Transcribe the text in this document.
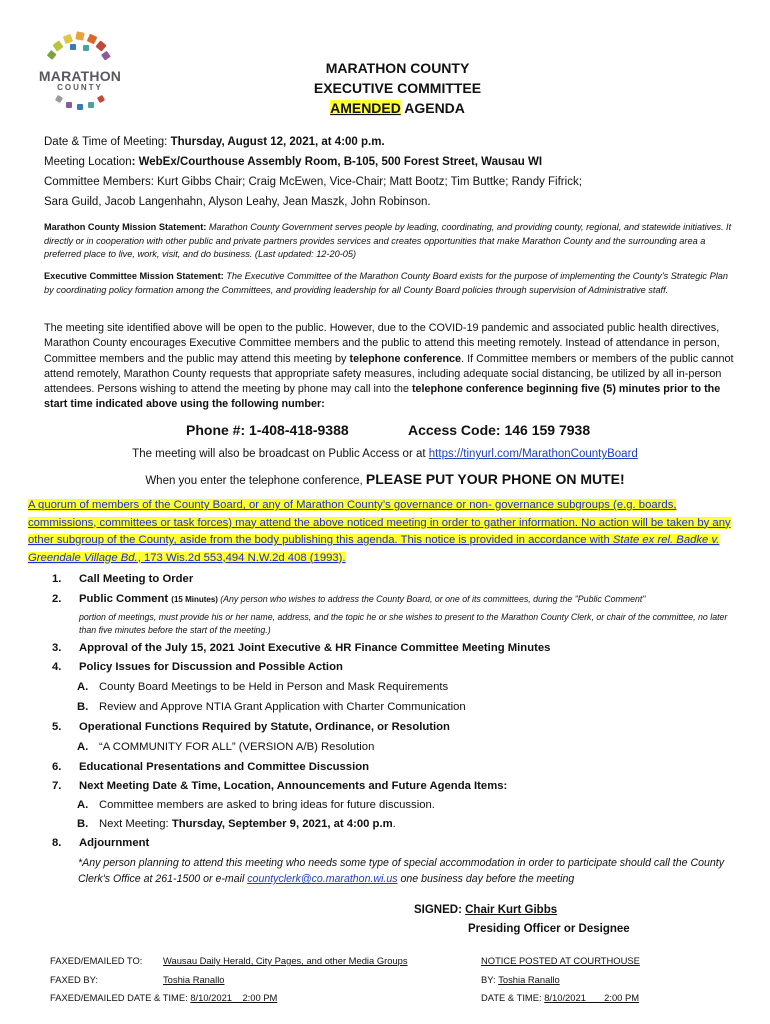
MARATHON
COUNTY
MARATHON COUNTY
EXECUTIVE COMMITTEE
AMENDED AGENDA

Date & Time of Meeting: Thursday, August 12, 2021, at 4:00 p.m.

Meeting Location: WebEx/Courthouse Assembly Room, B-105, 500 Forest Street, Wausau WI

Committee Members: Kurt Gibbs Chair; Craig McEwen, Vice-Chair; Matt Bootz; Tim Buttke; Randy Fifrick;

Sara Guild, Jacob Langenhahn, Alyson Leahy, Jean Maszk, John Robinson.

Marathon County Mission Statement: Marathon County Government serves people by leading, coordinating, and providing county, regional, and statewide initiatives. It directly or in cooperation with other public and private partners provides services and creates opportunities that make Marathon County and the surrounding area a preferred place to live, work, visit, and do business. (Last updated: 12-20-05)
Executive Committee Mission Statement: The Executive Committee of the Marathon County Board exists for the purpose of implementing the County's Strategic Plan by coordinating policy formation among the Committees, and providing leadership for all County Board policies through supervision of Administrative staff.
The meeting site identified above will be open to the public. However, due to the COVID-19 pandemic and associated public health directives, Marathon County encourages Executive Committee members and the public to attend this meeting remotely. Instead of attendance in person, Committee members and the public may attend this meeting by telephone conference. If Committee members or members of the public cannot attend remotely, Marathon County requests that appropriate safety measures, including adequate social distancing, be utilized by all in-person attendees. Persons wishing to attend the meeting by phone may call into the telephone conference beginning five (5) minutes prior to the start time indicated above using the following number:
Phone #: 1-408-418-9388	Access Code: 146 159 7938
The meeting will also be broadcast on Public Access or at https://tinyurl.com/MarathonCountyBoard
When you enter the telephone conference, PLEASE PUT YOUR PHONE ON MUTE!
A quorum of members of the County Board, or any of Marathon County’s governance or non- governance subgroups (e.g. boards, commissions, committees or task forces) may attend the above noticed meeting in order to gather information. No action will be taken by any other subgroup of the County, aside from the body publishing this agenda. This notice is provided in accordance with State ex rel. Badke v. Greendale Village Bd., 173 Wis.2d 553,494 N.W.2d 408 (1993).
1. Call Meeting to Order
2. Public Comment (15 Minutes) (Any person who wishes to address the County Board, or one of its committees, during the "Public Comment"
portion of meetings, must provide his or her name, address, and the topic he or she wishes to present to the Marathon County Clerk, or chair of the committee, no later than five minutes before the start of the meeting.)
3. Approval of the July 15, 2021 Joint Executive & HR Finance Committee Meeting Minutes
4. Policy Issues for Discussion and Possible Action
A. County Board Meetings to be Held in Person and Mask Requirements
B. Review and Approve NTIA Grant Application with Charter Communication
5. Operational Functions Required by Statute, Ordinance, or Resolution
A. “A COMMUNITY FOR ALL” (VERSION A/B) Resolution
6. Educational Presentations and Committee Discussion
7. Next Meeting Date & Time, Location, Announcements and Future Agenda Items:
A. Committee members are asked to bring ideas for future discussion.
B. Next Meeting: Thursday, September 9, 2021, at 4:00 p.m.
8. Adjournment
*Any person planning to attend this meeting who needs some type of special accommodation in order to participate should call the County Clerk's Office at 261-1500 or e-mail countyclerk@co.marathon.wi.us one business day before the meeting
SIGNED: Chair Kurt Gibbs
Presiding Officer or Designee
FAXED/EMAILED TO: Wausau Daily Herald, City Pages, and other Media Groups
FAXED BY:	Toshia Ranallo
FAXED/EMAILED DATE & TIME: 8/10/2021    2:00 PM
NOTICE POSTED AT COURTHOUSE
BY: Toshia Ranallo
DATE & TIME: 8/10/2021       2:00 PM
